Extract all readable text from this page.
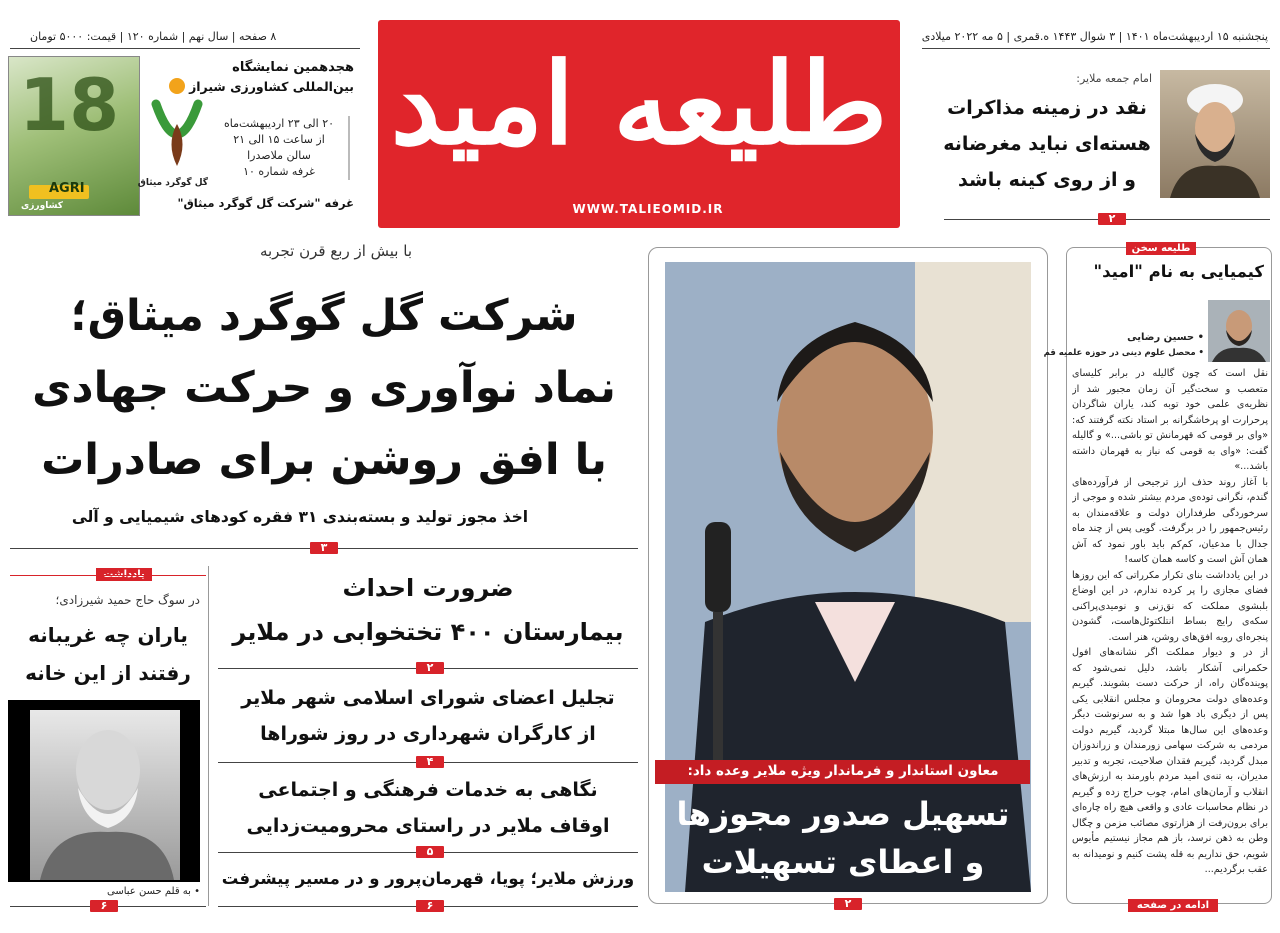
۸ صفحه | سال نهم | شماره ۱۲۰ | قیمت: ۵۰۰۰ تومان	پنجشنبه ۱۵ اردیبهشت‌ماه ۱۴۰۱ | ۳ شوال ۱۴۴۳ ه.قمری | ۵ مه ۲۰۲۲ میلادی
طلیعه امید
WWW.TALIEOMID.IR
18
AGRI
کشاورزی
گل گوگرد میثاق
هجدهمین نمایشگاه
بین‌المللی کشاورزی شیراز
۲۰ الی ۲۳ اردیبهشت‌ماه
از ساعت ۱۵ الی ۲۱
سالن ملاصدرا
غرفه شماره ۱۰
غرفه "شرکت گل گوگرد میثاق"
امام جمعه ملایر:
نقد در زمینه مذاکرات
هسته‌ای نباید مغرضانه
و از روی کینه باشد
۲
با بیش از ربع قرن تجربه
شرکت گل گوگرد میثاق؛
نماد نوآوری و حرکت جهادی
با افق روشن برای صادرات
اخذ مجوز تولید و بسته‌بندی ۳۱ فقره کودهای شیمیایی و آلی
۳
در سوگ حاج حمید شیرزادی؛
یاران چه غریبانه
رفتند از این خانه
• به قلم حسن عباسی
۶
ضرورت احداث
بیمارستان ۴۰۰ تختخوابی در ملایر
۲
تجلیل اعضای شورای اسلامی شهر ملایر
از کارگران شهرداری در روز شوراها
۴
نگاهی به خدمات فرهنگی و اجتماعی
اوقاف ملایر در راستای محرومیت‌زدایی
۵
ورزش ملایر؛ پویا، قهرمان‌پرور و در مسیر پیشرفت
۶
معاون استاندار و فرماندار ویژه ملایر وعده داد:
تسهیل صدور مجوزها
و اعطای تسهیلات
۲
طلیعه سخن
کیمیایی به نام "امید"
• حسین رضایی
• محصل علوم دینی در حوزه علمیه قم

نقل است که چون گالیله در برابر کلیسای متعصب و سخت‌گیر آن زمان مجبور شد از نظریه‌ی علمی خود توبه کند، یاران شاگردان پرحرارت او پرخاشگرانه بر استاد نکته گرفتند که: «وای بر قومی که قهرمانش تو باشی...» و گالیله گفت: «وای به قومی که نیاز به قهرمان داشته باشد...»

با آغاز روند حذف ارز ترجیحی از فرآورده‌های گندم، نگرانی توده‌ی مردم بیشتر شده و موجی از سرخوردگی طرفداران دولت و علاقه‌مندان به رئیس‌جمهور را در برگرفت. گویی پس از چند ماه جدال با مدعیان، کم‌کم باید باور نمود که آش همان آش است و کاسه همان کاسه!

در این یادداشت بنای تکرار مکرراتی که این روزها فضای مجازی را پر کرده ندارم، در این اوضاع بلبشوی مملکت که نق‌زنی و نومیدی‌پراکنی سکه‌ی رایج بساط انتلکتوئل‌هاست، گشودن پنجره‌ای روبه افق‌های روشن، هنر است.

از در و دیوار مملکت اگر نشانه‌های افول حکمرانی آشکار باشد، دلیل نمی‌شود که پوینده‌گان راه، از حرکت دست بشویند. گیریم وعده‌های دولت محرومان و مجلس انقلابی یکی پس از دیگری باد هوا شد و به سرنوشت دیگر وعده‌های این سال‌ها مبتلا گردید، گیریم دولت مردمی به شرکت سهامی زورمندان و زراندوزان مبدل گردید، گیریم فقدان صلاحیت، تجربه و تدبیر مدیران، به تنه‌ی امید مردم باورمند به ارزش‌های انقلاب و آرمان‌های امام، چوب حراج زده و گیریم در نظام محاسبات عادی و واقعی هیچ راه چاره‌ای برای برون‌رفت از هزارتوی مصائب مزمن و چگال وطن به ذهن نرسد، باز هم مجاز نیستیم مأیوس شویم، حق نداریم به قله پشت کنیم و نومیدانه به عقب برگردیم...

ادامه در صفحه دوم
